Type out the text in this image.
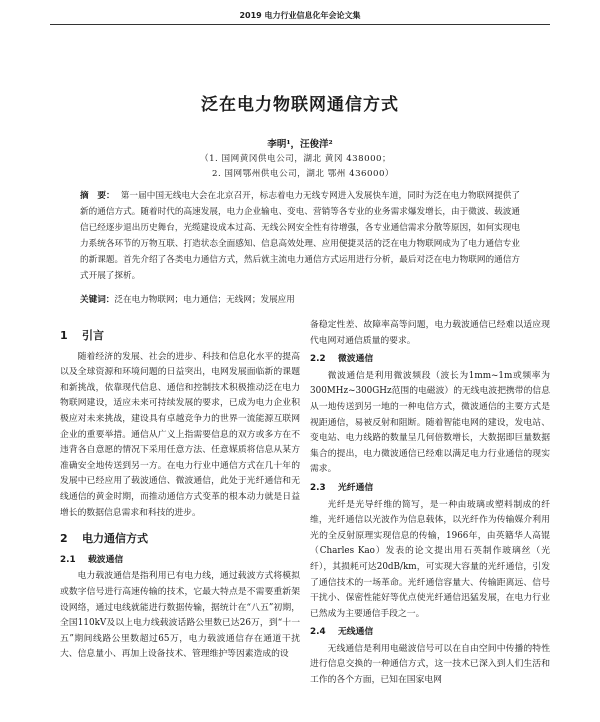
2019 电力行业信息化年会论文集
泛在电力物联网通信方式
李明¹，汪俊洋²
（1. 国网黄冈供电公司，湖北 黄冈 438000；
2. 国网鄂州供电公司，湖北 鄂州 436000）
摘　要： 第一届中国无线电大会在北京召开，标志着电力无线专网进入发展快车道，同时为泛在电力物联网提供了新的通信方式。随着时代的高速发展，电力企业输电、变电、营销等各专业的业务需求爆发增长，由于微波、载波通信已经逐步退出历史舞台，光缆建设成本过高、无线公网安全性有待增强，各专业通信需求分散等原因，如何实现电力系统各环节的万物互联、打造状态全面感知、信息高效处理、应用便捷灵活的泛在电力物联网成为了电力通信专业的新课题。首先介绍了各类电力通信方式，然后就主流电力通信方式运用进行分析，最后对泛在电力物联网的通信方式开展了探析。
关键词：泛在电力物联网；电力通信；无线网；发展应用
1 引言

随着经济的发展、社会的进步、科技和信息化水平的提高以及全球资源和环境问题的日益突出，电网发展面临新的课题和新挑战，依靠现代信息、通信和控制技术积极推动泛在电力物联网建设，适应未来可持续发展的要求，已成为电力企业积极应对未来挑战，建设具有卓越竞争力的世界一流能源互联网企业的重要举措。通信从广义上指需要信息的双方或多方在不违背各自意愿的情况下采用任意方法、任意媒质将信息从某方准确安全地传送到另一方。在电力行业中通信方式在几十年的发展中已经应用了载波通信、微波通信，此处于光纤通信和无线通信的黄金时期，而推动通信方式变革的根本动力就是日益增长的数据信息需求和科技的进步。

2 电力通信方式
2.1 载波通信

电力载波通信是指利用已有电力线，通过载波方式将模拟或数字信号进行高速传输的技术，它最大特点是不需要重新架设网络，通过电线就能进行数据传输，据统计在“八五”初期，全国110kV及以上电力线载波话路公里数已达26万，到“十一五”期间线路公里数超过65万，电力载波通信存在通道干扰大、信息量小、再加上设备技术、管理维护等因素造成的设

备稳定性差、故障率高等问题，电力载波通信已经难以适应现代电网对通信质量的要求。

2.2 微波通信

微波通信是利用微波频段（波长为1mm~1m或频率为300MHz~300GHz范围的电磁波）的无线电波把携带的信息从一地传送到另一地的一种电信方式，微波通信的主要方式是视距通信，易被反射和阻断。随着智能电网的建设，发电站、变电站、电力线路的数量呈几何倍数增长，大数据即巨量数据集合的提出，电力微波通信已经难以满足电力行业通信的现实需求。

2.3 光纤通信

光纤是光导纤维的简写，是一种由玻璃或塑料制成的纤维，光纤通信以光波作为信息载体，以光纤作为传输媒介利用光的全反射原理实现信息的传输，1966年，由英籍华人高锟（Charles Kao）发表的论文提出用石英制作玻璃丝（光纤），其损耗可达20dB/km，可实现大容量的光纤通信，引发了通信技术的一场革命。光纤通信容量大、传输距离远、信号干扰小、保密性能好等优点使光纤通信迅猛发展，在电力行业已然成为主要通信手段之一。

2.4 无线通信

无线通信是利用电磁波信号可以在自由空间中传播的特性进行信息交换的一种通信方式，这一技术已深入到人们生活和工作的各个方面，已知在国家电网
